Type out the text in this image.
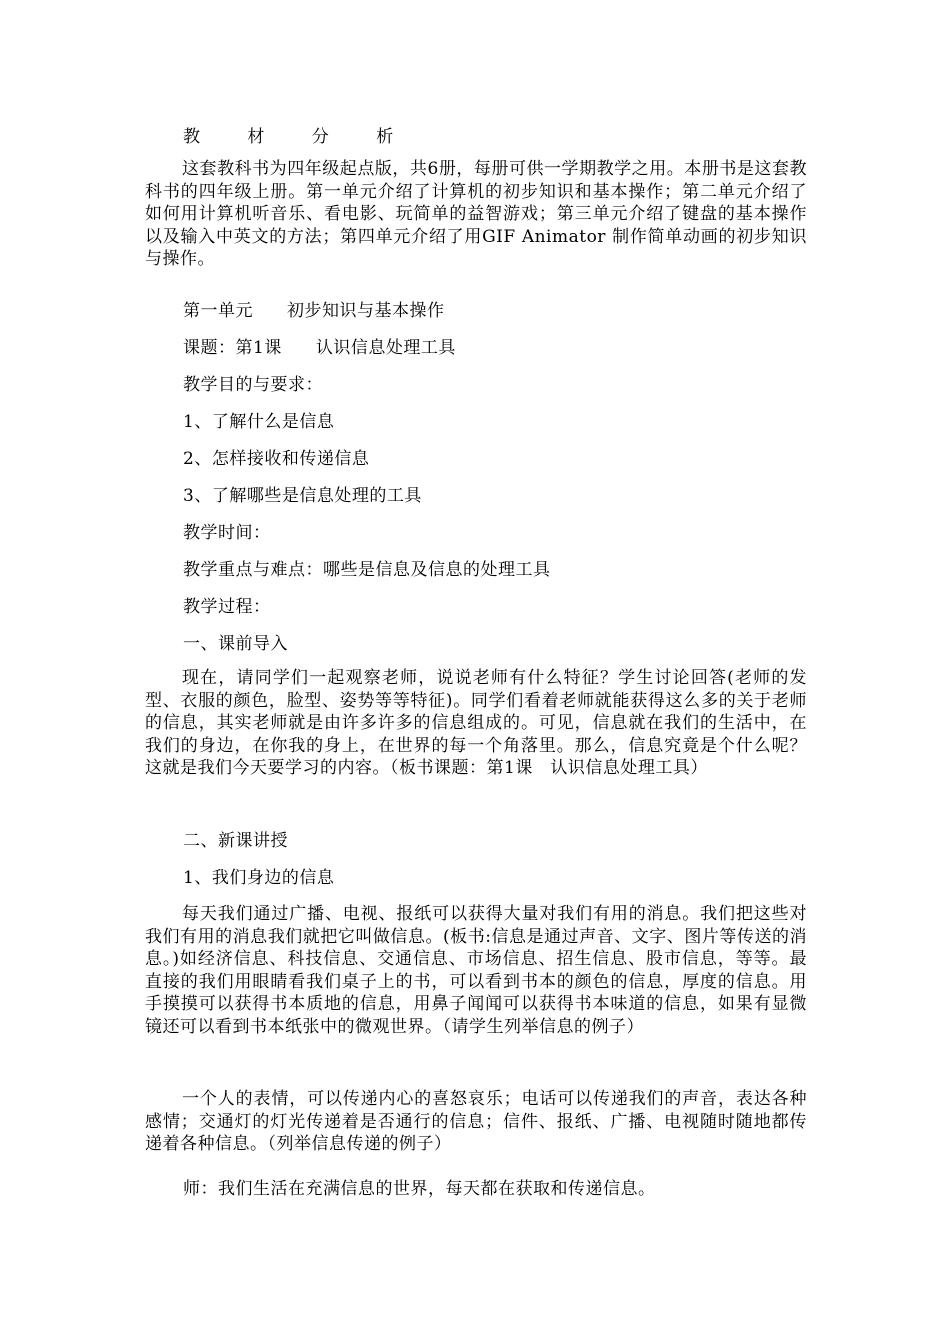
教 材 分 析
这套教科书为四年级起点版，共6册，每册可供一学期教学之用。本册书是这套教科书的四年级上册。第一单元介绍了计算机的初步知识和基本操作；第二单元介绍了如何用计算机听音乐、看电影、玩简单的益智游戏；第三单元介绍了键盘的基本操作以及输入中英文的方法；第四单元介绍了用GIF Animator 制作简单动画的初步知识与操作。
第一单元 初步知识与基本操作
课题：第1课 认识信息处理工具
教学目的与要求：
1、了解什么是信息
2、怎样接收和传递信息
3、了解哪些是信息处理的工具
教学时间：
教学重点与难点：哪些是信息及信息的处理工具
教学过程：
一、课前导入
现在，请同学们一起观察老师，说说老师有什么特征？学生讨论回答(老师的发型、衣服的颜色，脸型、姿势等等特征)。同学们看着老师就能获得这么多的关于老师的信息，其实老师就是由许多许多的信息组成的。可见，信息就在我们的生活中，在我们的身边，在你我的身上，在世界的每一个角落里。那么，信息究竟是个什么呢？这就是我们今天要学习的内容。（板书课题：第1课　认识信息处理工具）
二、新课讲授
1、我们身边的信息
每天我们通过广播、电视、报纸可以获得大量对我们有用的消息。我们把这些对我们有用的消息我们就把它叫做信息。(板书:信息是通过声音、文字、图片等传送的消息。)如经济信息、科技信息、交通信息、市场信息、招生信息、股市信息，等等。最直接的我们用眼睛看我们桌子上的书，可以看到书本的颜色的信息，厚度的信息。用手摸摸可以获得书本质地的信息，用鼻子闻闻可以获得书本味道的信息，如果有显微镜还可以看到书本纸张中的微观世界。（请学生列举信息的例子）
一个人的表情，可以传递内心的喜怒哀乐；电话可以传递我们的声音，表达各种感情；交通灯的灯光传递着是否通行的信息；信件、报纸、广播、电视随时随地都传递着各种信息。（列举信息传递的例子）
师：我们生活在充满信息的世界，每天都在获取和传递信息。
